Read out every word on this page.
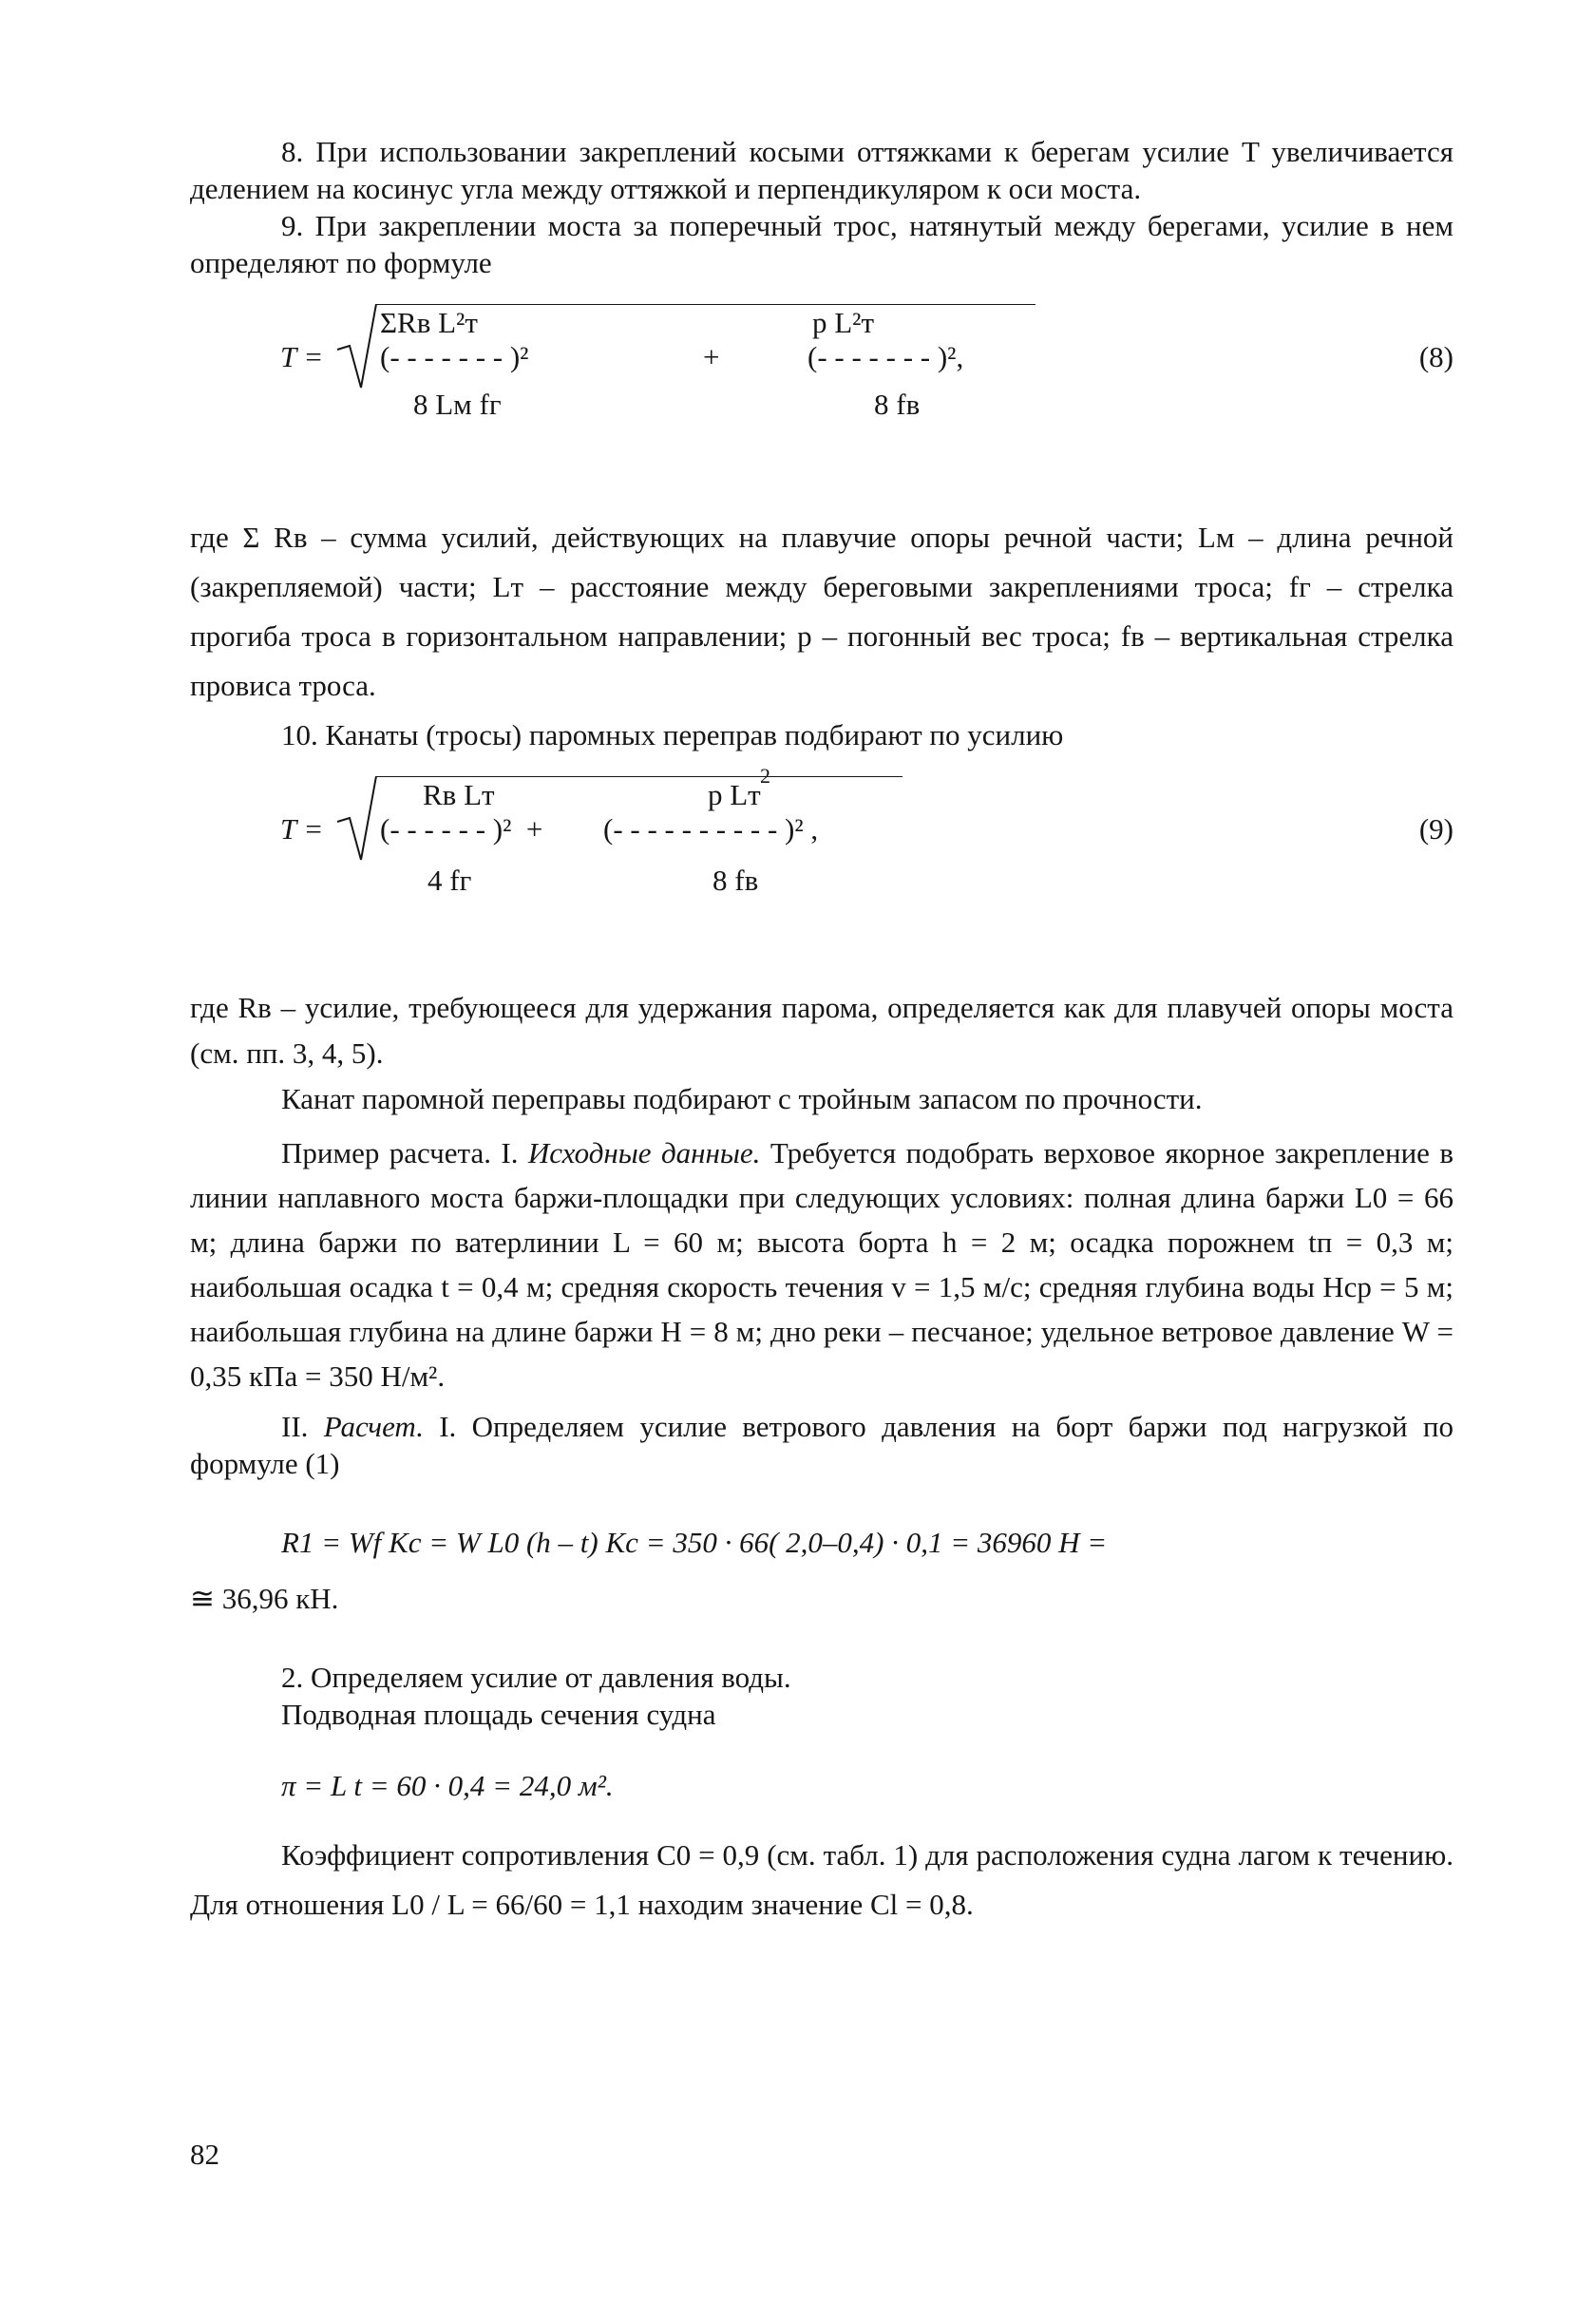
8. При использовании закреплений косыми оттяжками к берегам усилие T увеличивается делением на косинус угла между оттяжкой и перпендикуляром к оси моста.

9. При закреплении моста за поперечный трос, натянутый между берегами, усилие в нем определяют по формуле

T =
ΣRв L²т
(- - - - - - - )²
8 Lм fг
+
p L²т
(- - - - - - - )²,
8 fв
(8)

где Σ Rв – сумма усилий, действующих на плавучие опоры речной части; Lм – длина речной (закрепляемой) части; Lт – расстояние между береговыми закреплениями троса; fг – стрелка прогиба троса в горизонтальном направлении; p – погонный вес троса; fв – вертикальная стрелка провиса троса.

10. Канаты (тросы) паромных переправ подбирают по усилию

T =
Rв Lт
(- - - - - - )²  +
4 fг
p Lт
2
(- - - - - - - - - - )² ,
8 fв
(9)

где Rв – усилие, требующееся для удержания парома, определяется как для плавучей опоры моста (см. пп. 3, 4, 5).

Канат паромной переправы подбирают с тройным запасом по прочности.

Пример расчета. I. Исходные данные. Требуется подобрать верховое якорное закрепление в линии наплавного моста баржи-площадки при следующих условиях: полная длина баржи L0 = 66 м; длина баржи по ватерлинии L = 60 м; высота борта h = 2 м; осадка порожнем tп = 0,3 м; наибольшая осадка t = 0,4 м; средняя скорость течения v = 1,5 м/с; средняя глубина воды Hср = 5 м; наибольшая глубина на длине баржи H = 8 м; дно реки – песчаное; удельное ветровое давление W = 0,35 кПа = 350 Н/м².

II. Расчет. I. Определяем усилие ветрового давления на борт баржи под нагрузкой по формуле (1)

R1 = Wf Kс = W L0 (h – t) Kс = 350 · 66( 2,0–0,4) · 0,1 = 36960 Н =

≅ 36,96 кН.

2. Определяем усилие от давления воды.

Подводная площадь сечения судна

π = L t = 60 · 0,4 = 24,0 м².

Коэффициент сопротивления C0 = 0,9 (см. табл. 1) для расположения судна лагом к течению. Для отношения L0 / L = 66/60 = 1,1 находим значение Cl = 0,8.

82
